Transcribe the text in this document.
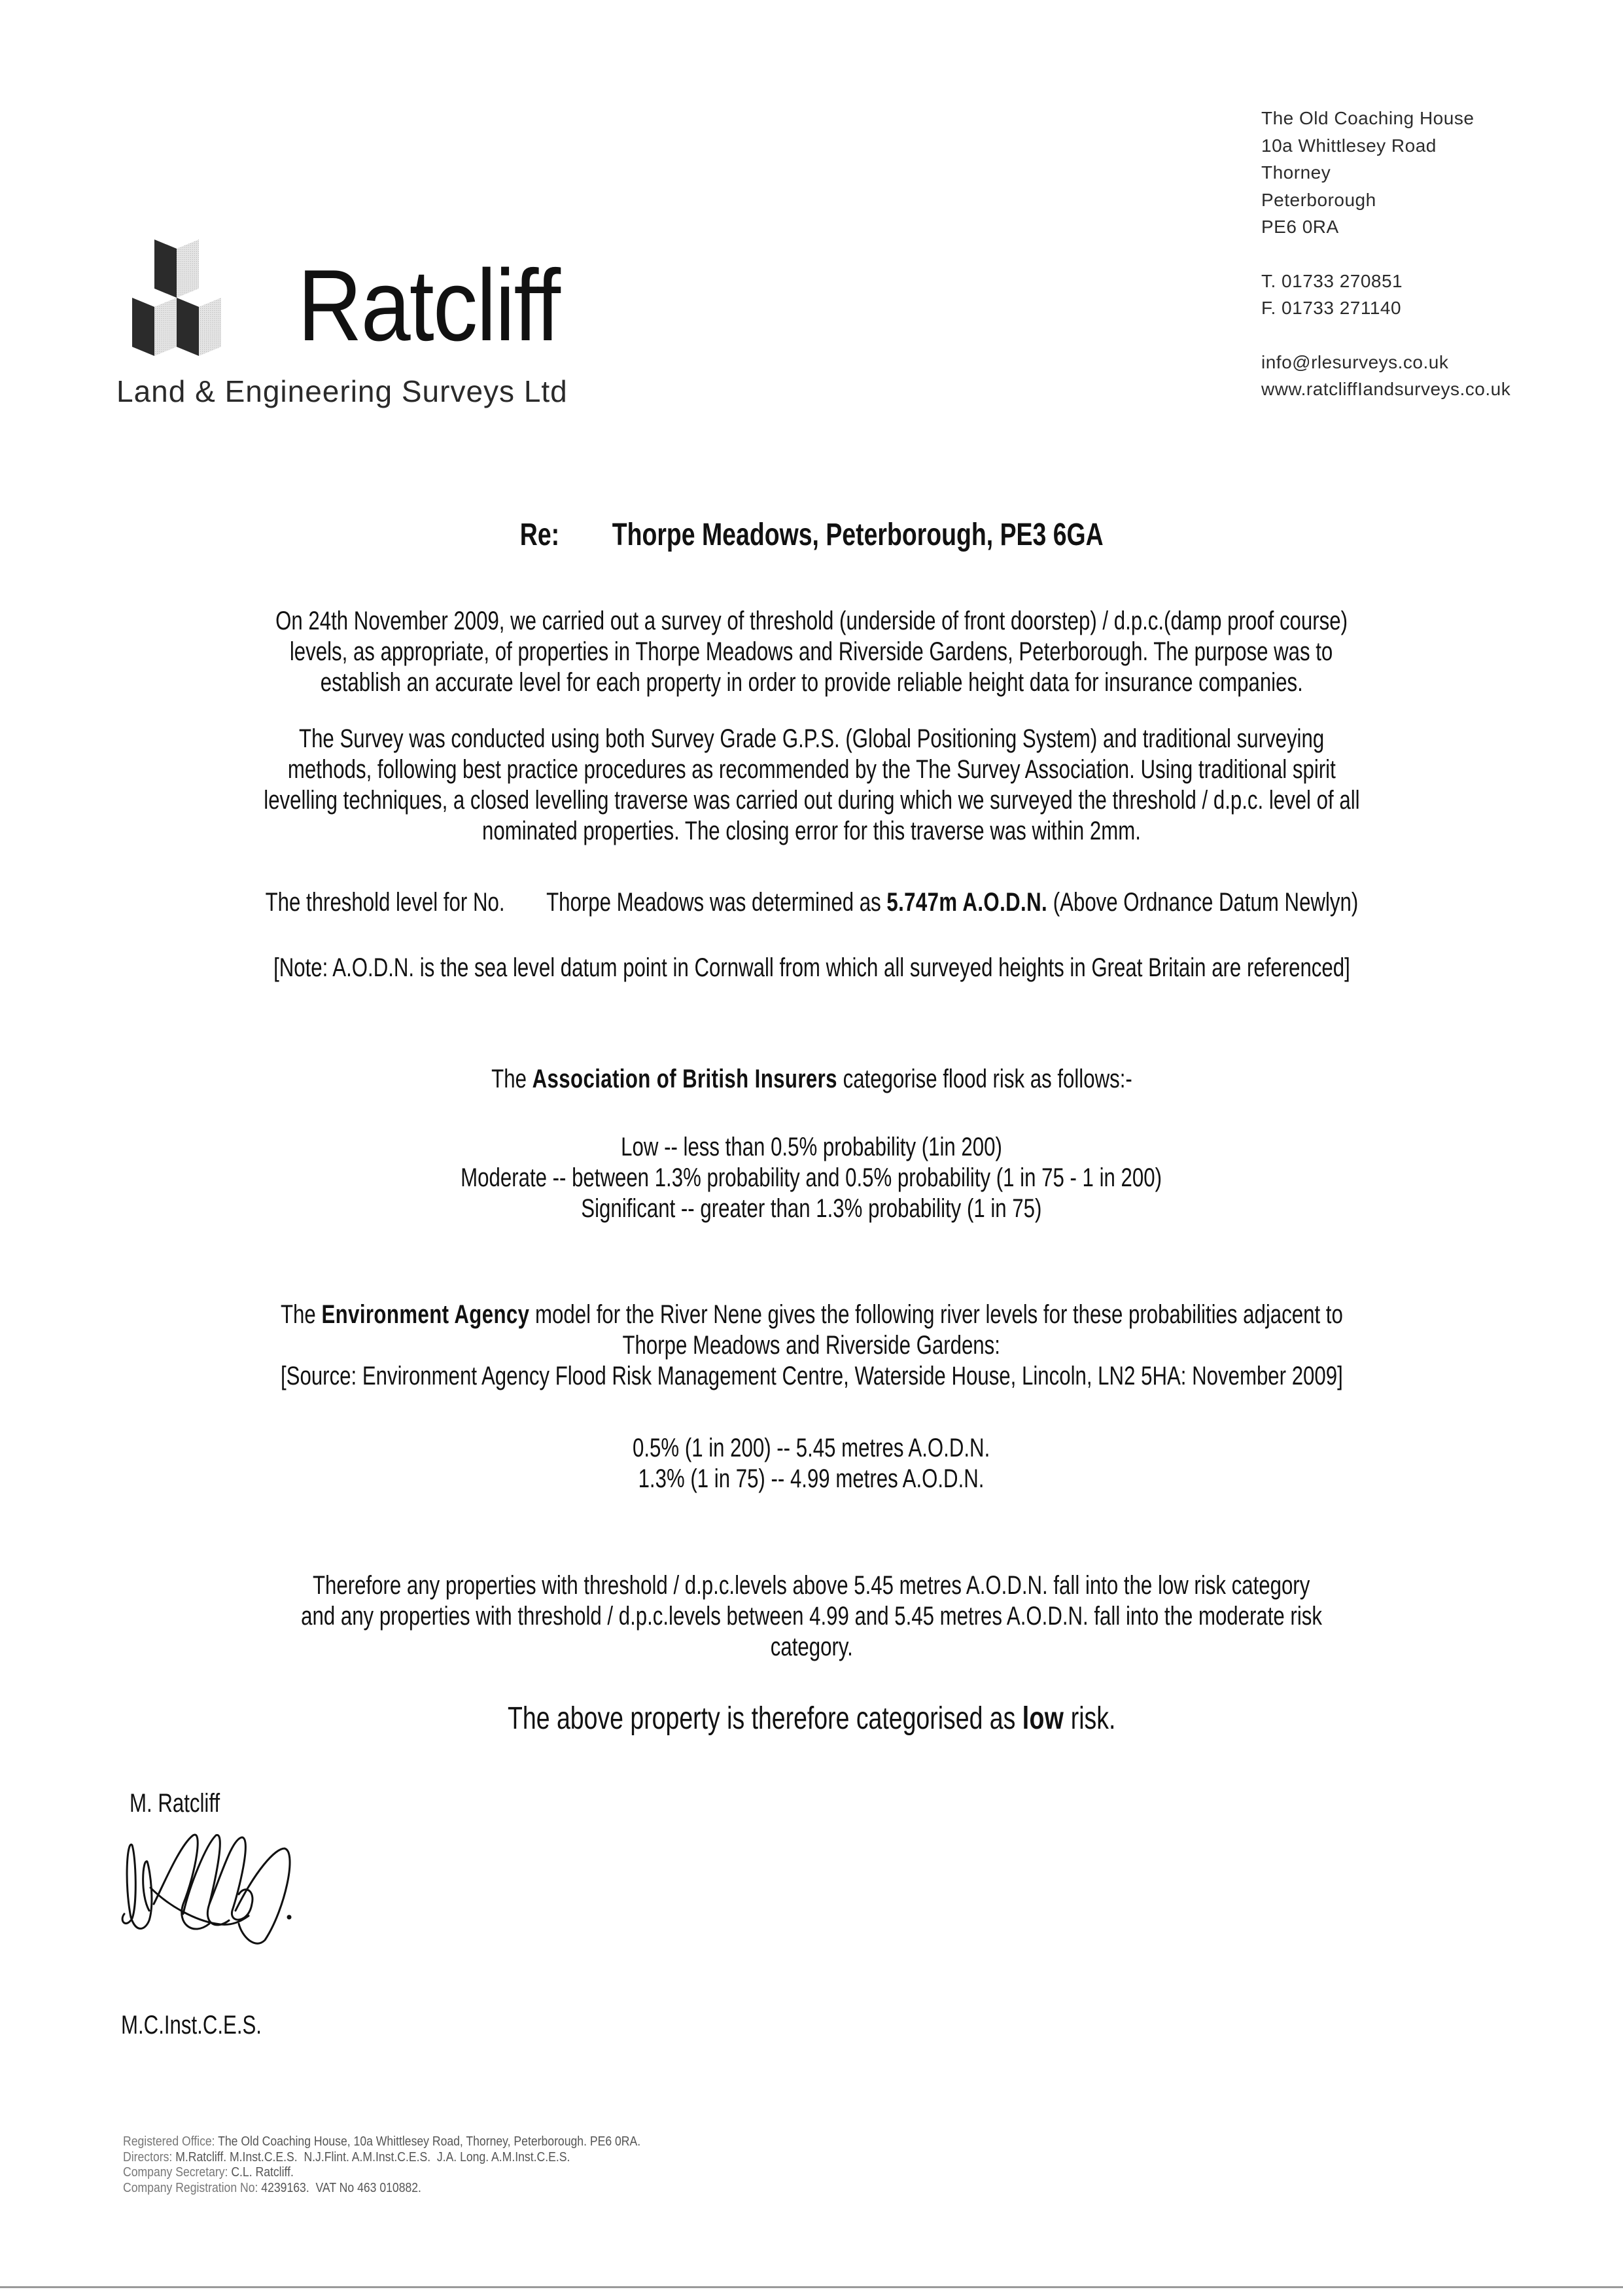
The Old Coaching House
10a Whittlesey Road
Thorney
Peterborough
PE6 0RA
T. 01733 270851
F. 01733 271140
info@rlesurveys.co.uk
www.ratcliffIandsurveys.co.uk
Ratcliff
Land & Engineering Surveys Ltd
Re: Thorpe Meadows, Peterborough, PE3 6GA
On 24th November 2009, we carried out a survey of threshold (underside of front doorstep) / d.p.c.(damp proof course)
levels, as appropriate, of properties in Thorpe Meadows and Riverside Gardens, Peterborough. The purpose was to
establish an accurate level for each property in order to provide reliable height data for insurance companies.
The Survey was conducted using both Survey Grade G.P.S. (Global Positioning System) and traditional surveying
methods, following best practice procedures as recommended by the The Survey Association. Using traditional spirit
levelling techniques, a closed levelling traverse was carried out during which we surveyed the threshold / d.p.c. level of all
nominated properties. The closing error for this traverse was within 2mm.
The threshold level for No. Thorpe Meadows was determined as 5.747m A.O.D.N. (Above Ordnance Datum Newlyn)
[Note: A.O.D.N. is the sea level datum point in Cornwall from which all surveyed heights in Great Britain are referenced]
The Association of British Insurers categorise flood risk as follows:-
Low -- less than 0.5% probability (1in 200)
Moderate -- between 1.3% probability and 0.5% probability (1 in 75 - 1 in 200)
Significant -- greater than 1.3% probability (1 in 75)
The Environment Agency model for the River Nene gives the following river levels for these probabilities adjacent to
Thorpe Meadows and Riverside Gardens:
[Source: Environment Agency Flood Risk Management Centre, Waterside House, Lincoln, LN2 5HA: November 2009]
0.5% (1 in 200) -- 5.45 metres A.O.D.N.
1.3% (1 in 75) -- 4.99 metres A.O.D.N.
Therefore any properties with threshold / d.p.c.levels above 5.45 metres A.O.D.N. fall into the low risk category
and any properties with threshold / d.p.c.levels between 4.99 and 5.45 metres A.O.D.N. fall into the moderate risk
category.
The above property is therefore categorised as low risk.
M. Ratcliff
M.C.Inst.C.E.S.
Registered Office: The Old Coaching House, 10a Whittlesey Road, Thorney, Peterborough. PE6 0RA.
Directors: M.Ratcliff. M.Inst.C.E.S.  N.J.Flint. A.M.Inst.C.E.S.  J.A. Long. A.M.Inst.C.E.S.
Company Secretary: C.L. Ratcliff.
Company Registration No: 4239163.  VAT No 463 010882.
